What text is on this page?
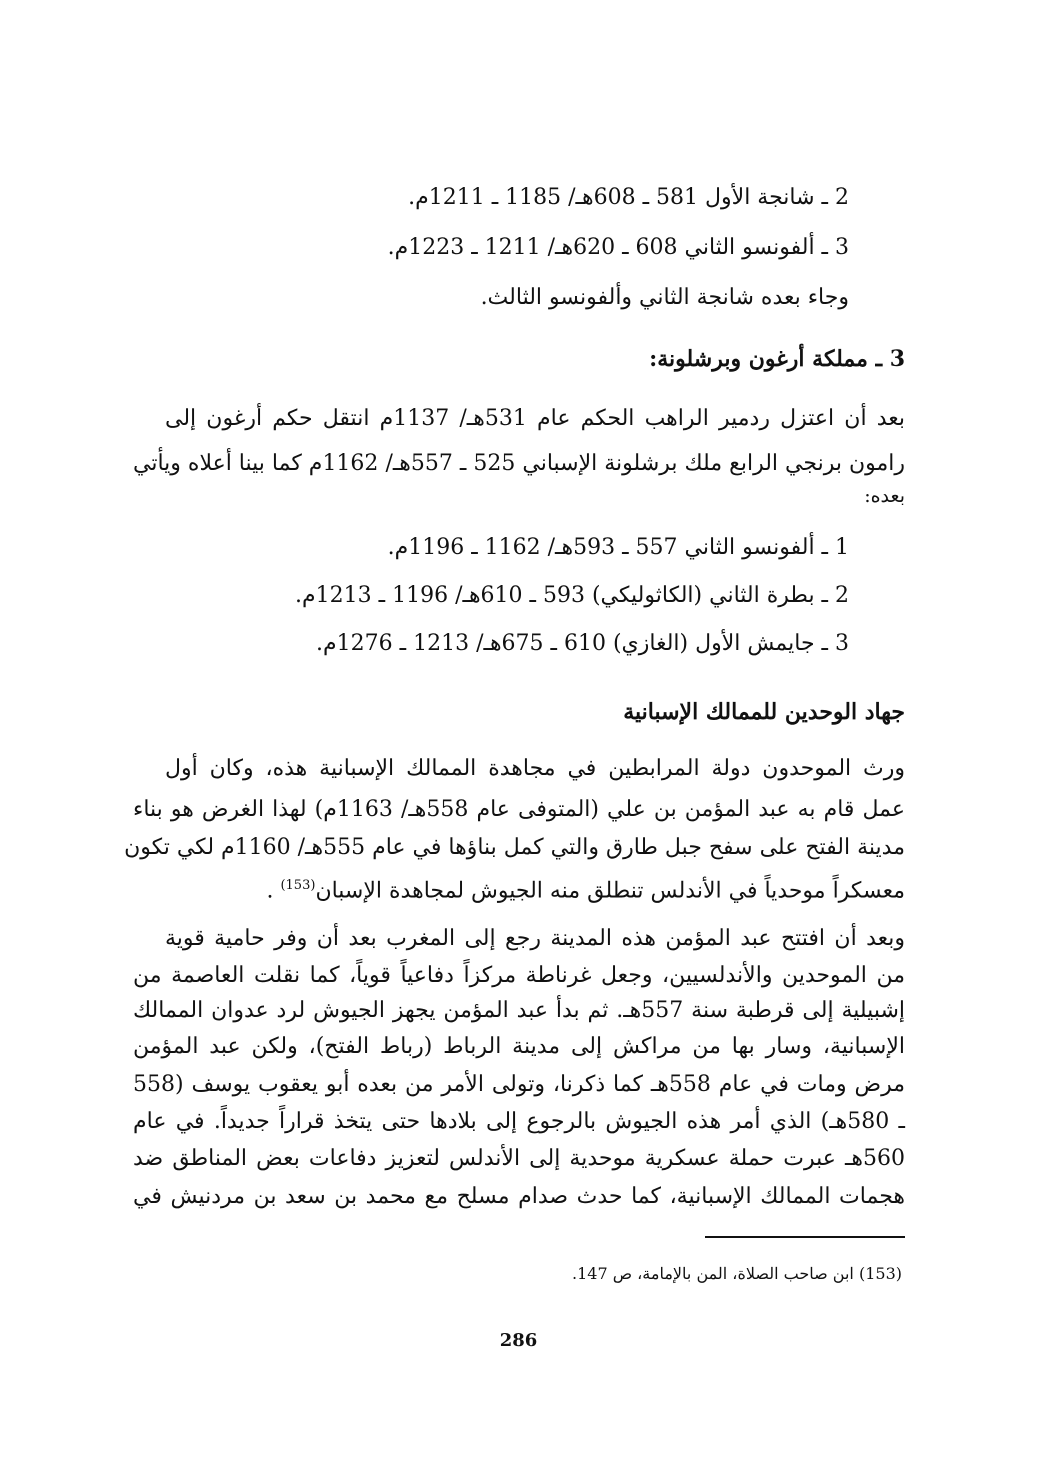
2 ـ شانجة الأول 581 ـ 608هـ/ 1185 ـ 1211م.
3 ـ ألفونسو الثاني 608 ـ 620هـ/ 1211 ـ 1223م.
وجاء بعده شانجة الثاني وألفونسو الثالث.
3 ـ مملكة أرغون وبرشلونة:
بعد أن اعتزل ردمير الراهب الحكم عام 531هـ/ 1137م انتقل حكم أرغون إلى
رامون برنجي الرابع ملك برشلونة الإسباني 525 ـ 557هـ/ 1162م كما بينا أعلاه ويأتي
بعده:
1 ـ ألفونسو الثاني 557 ـ 593هـ/ 1162 ـ 1196م.
2 ـ بطرة الثاني (الكاثوليكي) 593 ـ 610هـ/ 1196 ـ 1213م.
3 ـ جايمش الأول (الغازي) 610 ـ 675هـ/ 1213 ـ 1276م.
جهاد الوحدين للممالك الإسبانية
ورث الموحدون دولة المرابطين في مجاهدة الممالك الإسبانية هذه، وكان أول
عمل قام به عبد المؤمن بن علي (المتوفى عام 558هـ/ 1163م) لهذا الغرض هو بناء
مدينة الفتح على سفح جبل طارق والتي كمل بناؤها في عام 555هـ/ 1160م لكي تكون
معسكراً موحدياً في الأندلس تنطلق منه الجيوش لمجاهدة الإسبان$^{(153)}$ .
وبعد أن افتتح عبد المؤمن هذه المدينة رجع إلى المغرب بعد أن وفر حامية قوية
من الموحدين والأندلسيين، وجعل غرناطة مركزاً دفاعياً قوياً، كما نقلت العاصمة من
إشبيلية إلى قرطبة سنة 557هـ. ثم بدأ عبد المؤمن يجهز الجيوش لرد عدوان الممالك
الإسبانية، وسار بها من مراكش إلى مدينة الرباط (رباط الفتح)، ولكن عبد المؤمن
مرض ومات في عام 558هـ كما ذكرنا، وتولى الأمر من بعده أبو يعقوب يوسف (558
ـ 580هـ) الذي أمر هذه الجيوش بالرجوع إلى بلادها حتى يتخذ قراراً جديداً. في عام
560هـ عبرت حملة عسكرية موحدية إلى الأندلس لتعزيز دفاعات بعض المناطق ضد
هجمات الممالك الإسبانية، كما حدث صدام مسلح مع محمد بن سعد بن مردنيش في
(153) ابن صاحب الصلاة، المن بالإمامة، ص 147.
286
